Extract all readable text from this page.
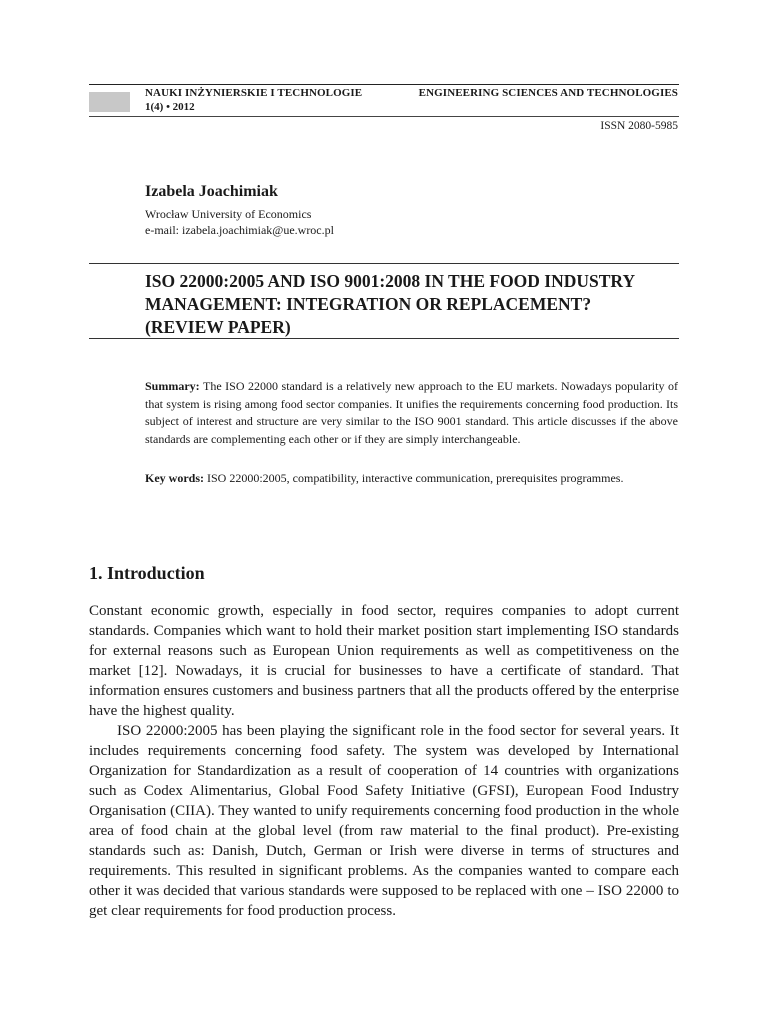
NAUKI INŻYNIERSKIE I TECHNOLOGIE	ENGINEERING SCIENCES AND TECHNOLOGIES
1(4) • 2012
ISSN 2080-5985
Izabela Joachimiak
Wrocław University of Economics
e-mail: izabela.joachimiak@ue.wroc.pl
ISO 22000:2005 AND ISO 9001:2008 IN THE FOOD INDUSTRY MANAGEMENT: INTEGRATION OR REPLACEMENT? (REVIEW PAPER)
Summary: The ISO 22000 standard is a relatively new approach to the EU markets. Nowadays popularity of that system is rising among food sector companies. It unifies the requirements concerning food production. Its subject of interest and structure are very similar to the ISO 9001 standard. This article discusses if the above standards are complementing each other or if they are simply interchangeable.
Key words: ISO 22000:2005, compatibility, interactive communication, prerequisites programmes.
1. Introduction

Constant economic growth, especially in food sector, requires companies to adopt current standards. Companies which want to hold their market position start implementing ISO standards for external reasons such as European Union requirements as well as competitiveness on the market [12]. Nowadays, it is crucial for businesses to have a certificate of standard. That information ensures customers and business partners that all the products offered by the enterprise have the highest quality.

ISO 22000:2005 has been playing the significant role in the food sector for several years. It includes requirements concerning food safety. The system was developed by International Organization for Standardization as a result of cooperation of 14 countries with organizations such as Codex Alimentarius, Global Food Safety Initiative (GFSI), European Food Industry Organisation (CIIA). They wanted to unify requirements concerning food production in the whole area of food chain at the global level (from raw material to the final product). Pre-existing standards such as: Danish, Dutch, German or Irish were diverse in terms of structures and requirements. This resulted in significant problems. As the companies wanted to compare each other it was decided that various standards were supposed to be replaced with one – ISO 22000 to get clear requirements for food production process.
